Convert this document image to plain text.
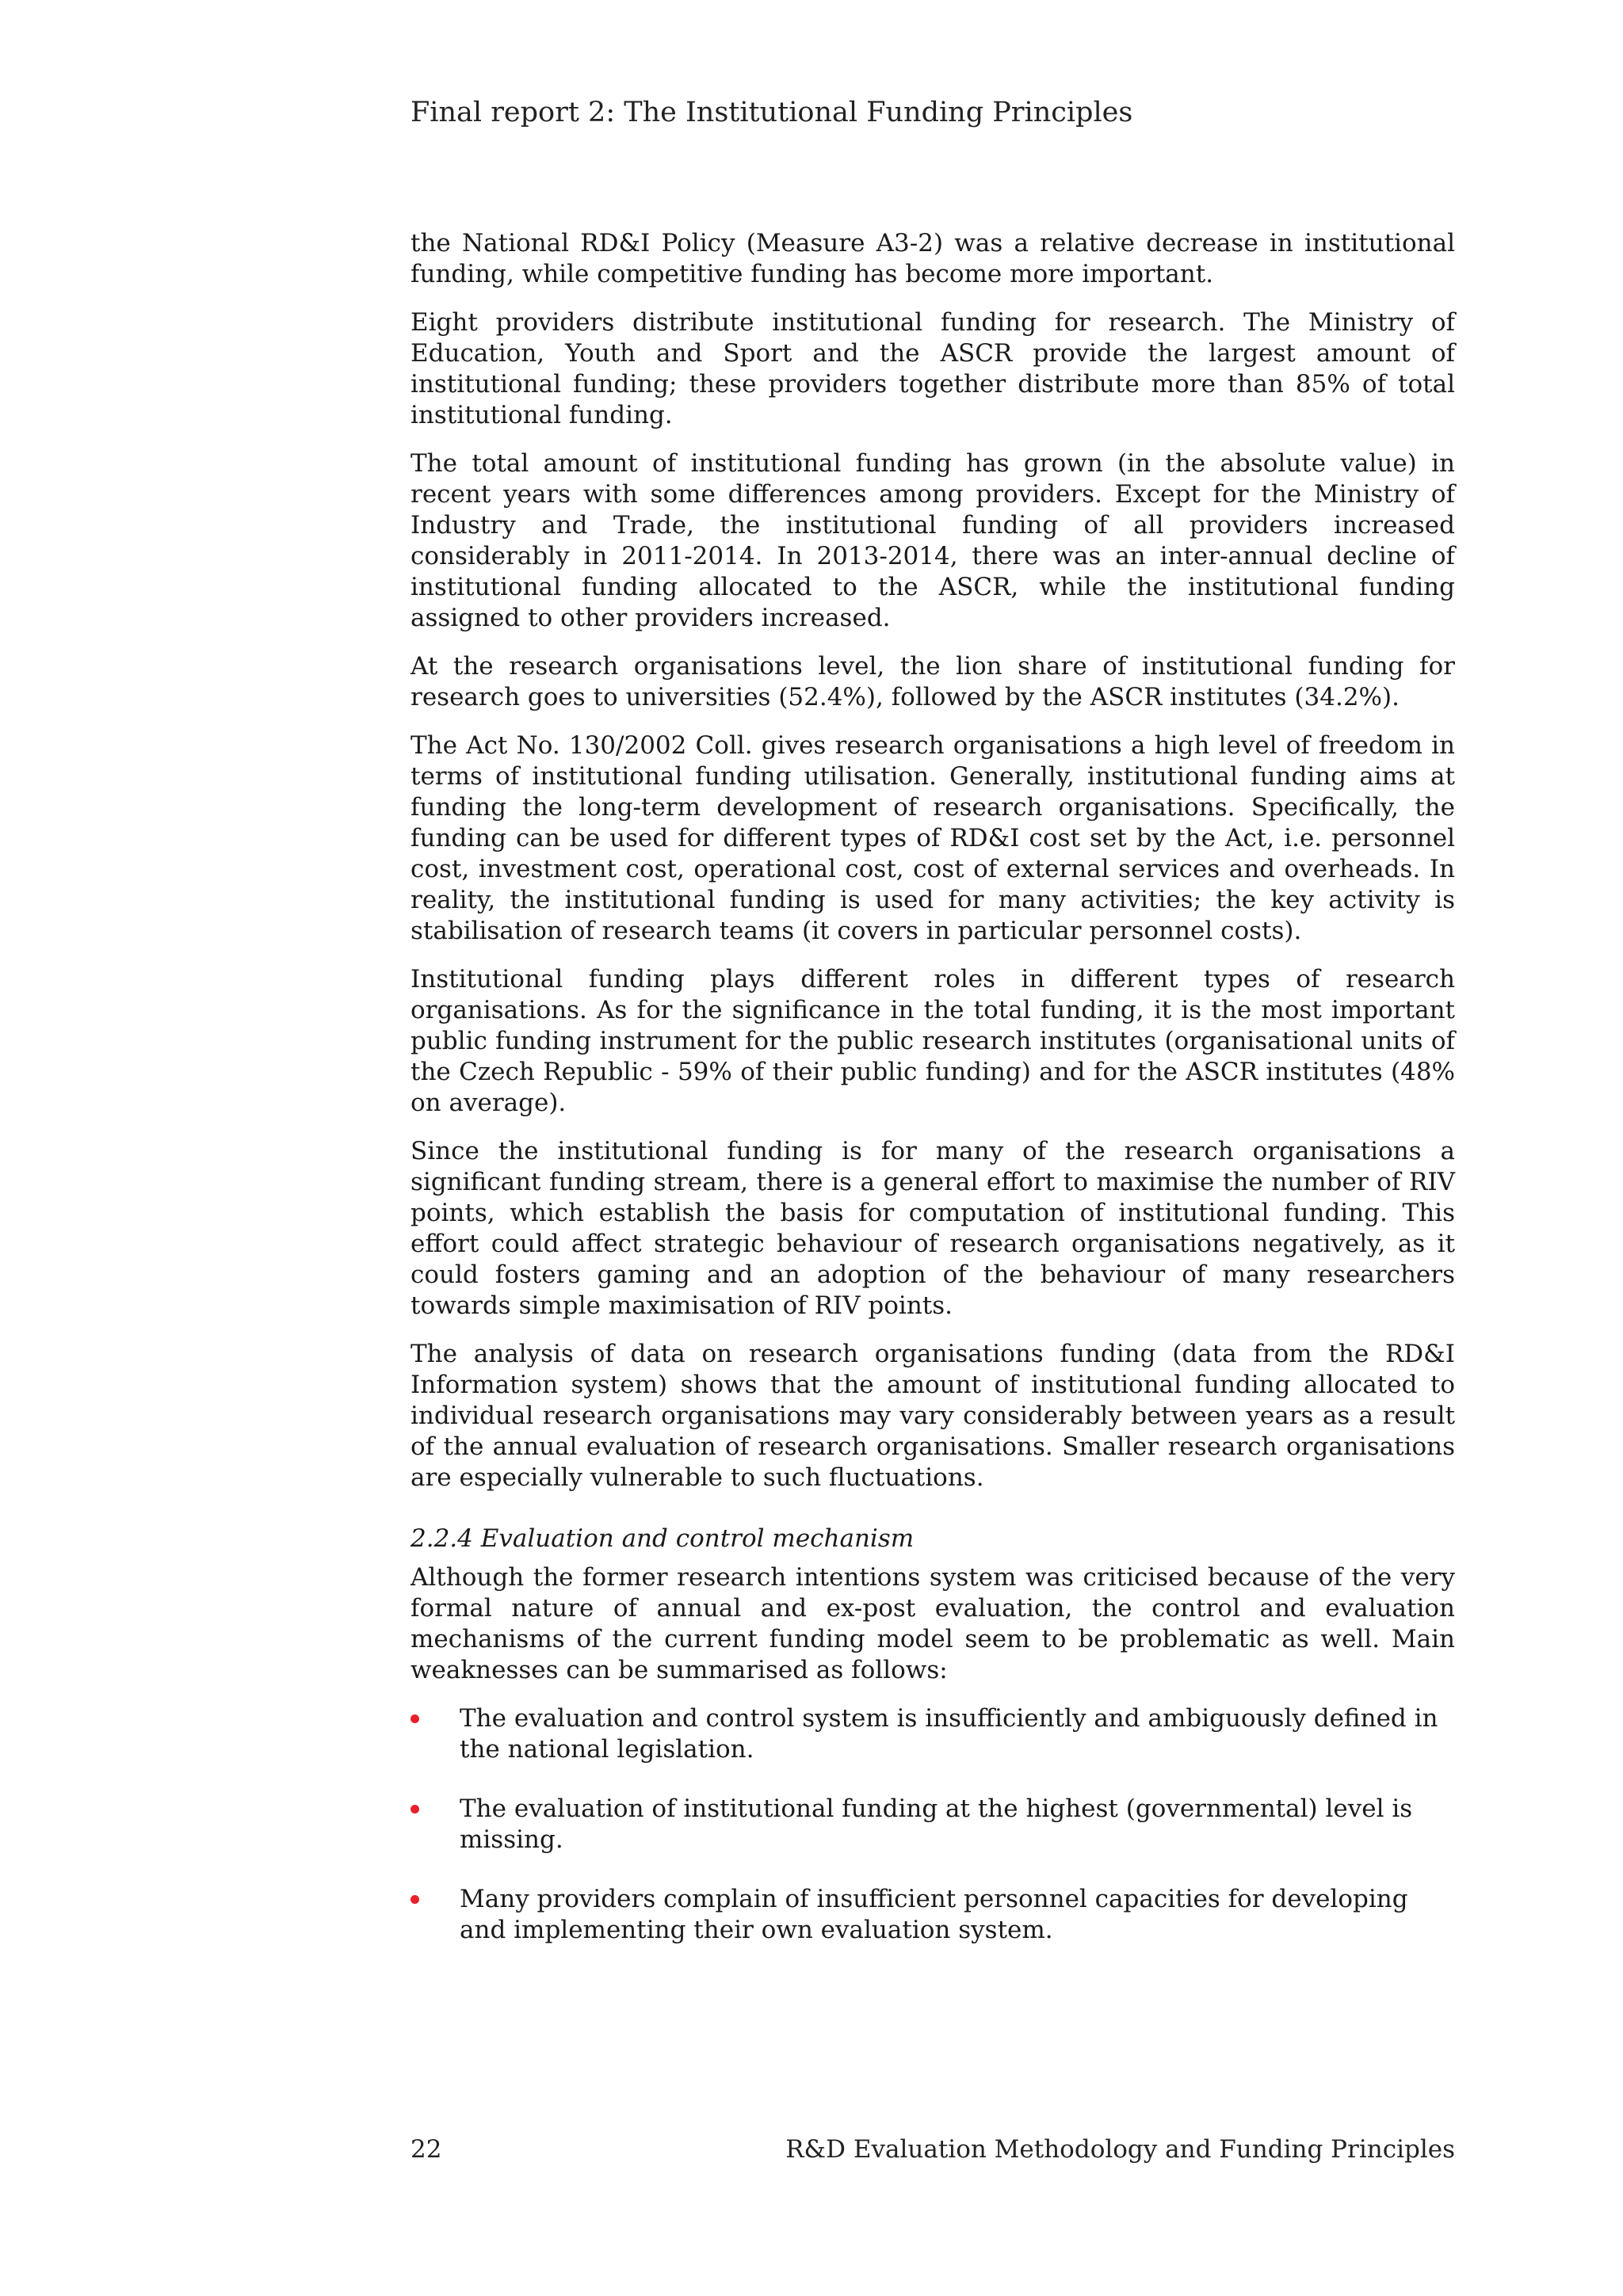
Final report 2: The Institutional Funding Principles

the National RD&I Policy (Measure A3-2) was a relative decrease in institutional funding, while competitive funding has become more important.

Eight providers distribute institutional funding for research. The Ministry of Education, Youth and Sport and the ASCR provide the largest amount of institutional funding; these providers together distribute more than 85% of total institutional funding.

The total amount of institutional funding has grown (in the absolute value) in recent years with some differences among providers. Except for the Ministry of Industry and Trade, the institutional funding of all providers increased considerably in 2011-2014. In 2013-2014, there was an inter-annual decline of institutional funding allocated to the ASCR, while the institutional funding assigned to other providers increased.

At the research organisations level, the lion share of institutional funding for research goes to universities (52.4%), followed by the ASCR institutes (34.2%).

The Act No. 130/2002 Coll. gives research organisations a high level of freedom in terms of institutional funding utilisation. Generally, institutional funding aims at funding the long-term development of research organisations. Specifically, the funding can be used for different types of RD&I cost set by the Act, i.e. personnel cost, investment cost, operational cost, cost of external services and overheads. In reality, the institutional funding is used for many activities; the key activity is stabilisation of research teams (it covers in particular personnel costs).

Institutional funding plays different roles in different types of research organisations. As for the significance in the total funding, it is the most important public funding instrument for the public research institutes (organisational units of the Czech Republic - 59% of their public funding) and for the ASCR institutes (48% on average).

Since the institutional funding is for many of the research organisations a significant funding stream, there is a general effort to maximise the number of RIV points, which establish the basis for computation of institutional funding. This effort could affect strategic behaviour of research organisations negatively, as it could fosters gaming and an adoption of the behaviour of many researchers towards simple maximisation of RIV points.

The analysis of data on research organisations funding (data from the RD&I Information system) shows that the amount of institutional funding allocated to individual research organisations may vary considerably between years as a result of the annual evaluation of research organisations. Smaller research organisations are especially vulnerable to such fluctuations.

2.2.4 Evaluation and control mechanism

Although the former research intentions system was criticised because of the very formal nature of annual and ex-post evaluation, the control and evaluation mechanisms of the current funding model seem to be problematic as well. Main weaknesses can be summarised as follows:

The evaluation and control system is insufficiently and ambiguously defined in the national legislation.
The evaluation of institutional funding at the highest (governmental) level is missing.
Many providers complain of insufficient personnel capacities for developing and implementing their own evaluation system.
22	R&D Evaluation Methodology and Funding Principles
